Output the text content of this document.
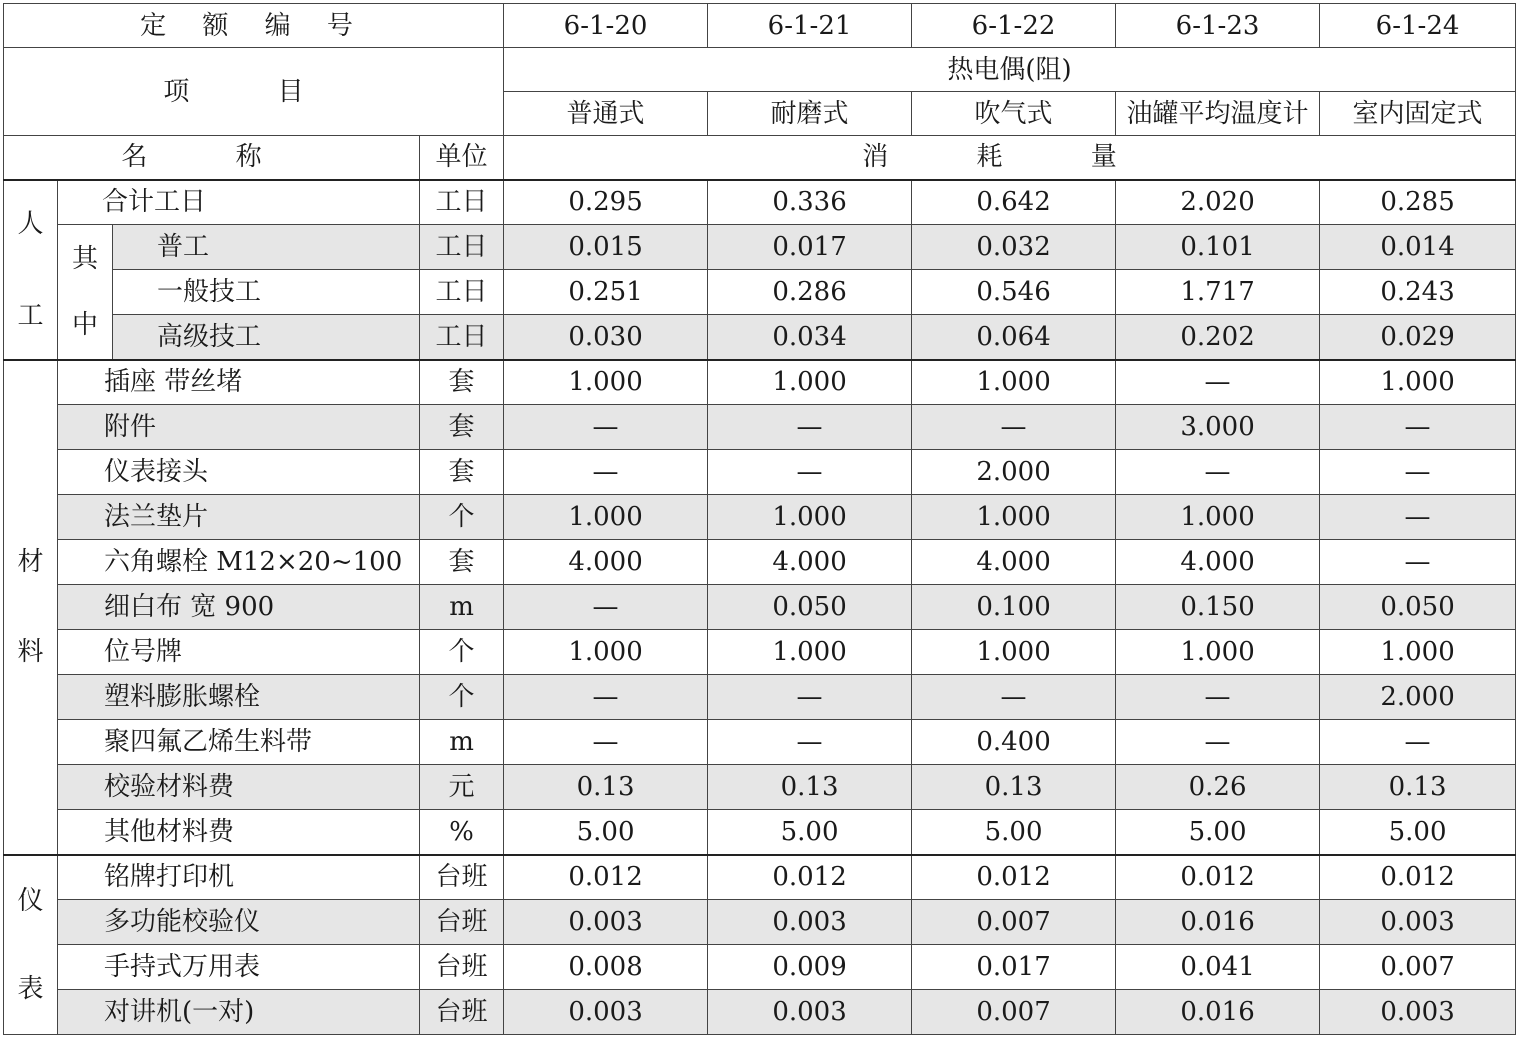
定 额 编 号				6-1-20	6-1-21	6-1-22	6-1-23	6-1-24
项 目				热电偶(阻)				
				普通式	耐磨式	吹气式	油罐平均温度计	室内固定式
名 称			单位	消 耗 量				

人
工	合计工日		工日	0.295	0.336	0.642	2.020	0.285

	其
中	普工	工日	0.015	0.017	0.032	0.101	0.014
		一般技工	工日	0.251	0.286	0.546	1.717	0.243
		高级技工	工日	0.030	0.034	0.064	0.202	0.029

材
料	插座 带丝堵		套	1.000	1.000	1.000	—	1.000
	附件		套	—	—	—	3.000	—
	仪表接头		套	—	—	2.000	—	—
	法兰垫片		个	1.000	1.000	1.000	1.000	—
	六角螺栓 M12×20~100		套	4.000	4.000	4.000	4.000	—
	细白布 宽 900		m	—	0.050	0.100	0.150	0.050
	位号牌		个	1.000	1.000	1.000	1.000	1.000
	塑料膨胀螺栓		个	—	—	—	—	2.000
	聚四氟乙烯生料带		m	—	—	0.400	—	—
	校验材料费		元	0.13	0.13	0.13	0.26	0.13
	其他材料费		%	5.00	5.00	5.00	5.00	5.00

仪
表	铭牌打印机		台班	0.012	0.012	0.012	0.012	0.012
	多功能校验仪		台班	0.003	0.003	0.007	0.016	0.003
	手持式万用表		台班	0.008	0.009	0.017	0.041	0.007
	对讲机(一对)		台班	0.003	0.003	0.007	0.016	0.003
